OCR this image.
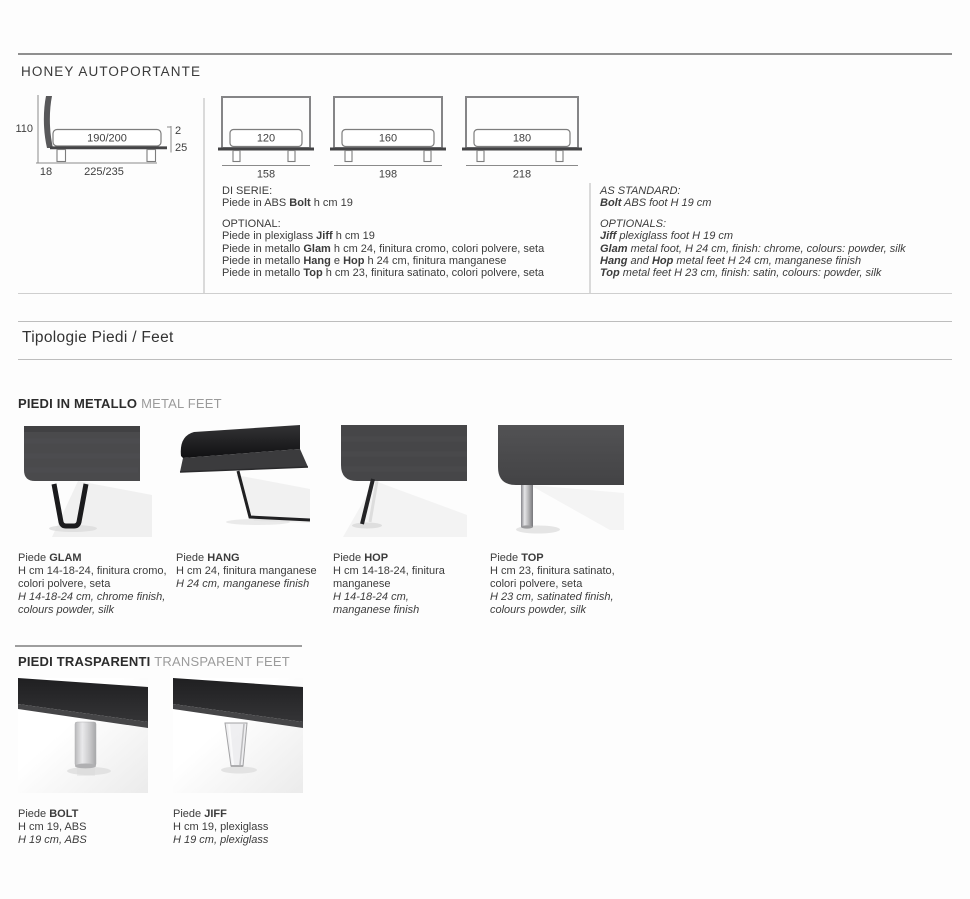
HONEY AUTOPORTANTE
110
190/200
2
25
18	225/235
120
158
160
198
180
218
DI SERIE:
Piede in ABS Bolt h cm 19
OPTIONAL:
Piede in plexiglass Jiff h cm 19
Piede in metallo Glam h cm 24, finitura cromo, colori polvere, seta
Piede in metallo Hang e Hop h 24 cm, finitura manganese
Piede in metallo Top h cm 23, finitura satinato, colori polvere, seta
AS STANDARD:
Bolt ABS foot H 19 cm
OPTIONALS:
Jiff plexiglass foot H 19 cm
Glam metal foot, H 24 cm, finish: chrome, colours: powder, silk
Hang and Hop metal feet H 24 cm, manganese finish
Top metal feet H 23 cm, finish: satin, colours: powder, silk
Tipologie Piedi / Feet
PIEDI IN METALLO METAL FEET
Piede GLAM
H cm 14-18-24, finitura cromo,
colori polvere, seta
H 14-18-24 cm, chrome finish,
colours powder, silk
Piede HANG
H cm 24, finitura manganese
H 24 cm, manganese finish
Piede HOP
H cm 14-18-24, finitura
manganese
H 14-18-24 cm,
manganese finish
Piede TOP
H cm 23, finitura satinato,
colori polvere, seta
H 23 cm, satinated finish,
colours powder, silk
PIEDI TRASPARENTI TRANSPARENT FEET
Piede BOLT
H cm 19, ABS
H 19 cm, ABS
Piede JIFF
H cm 19, plexiglass
H 19 cm, plexiglass
